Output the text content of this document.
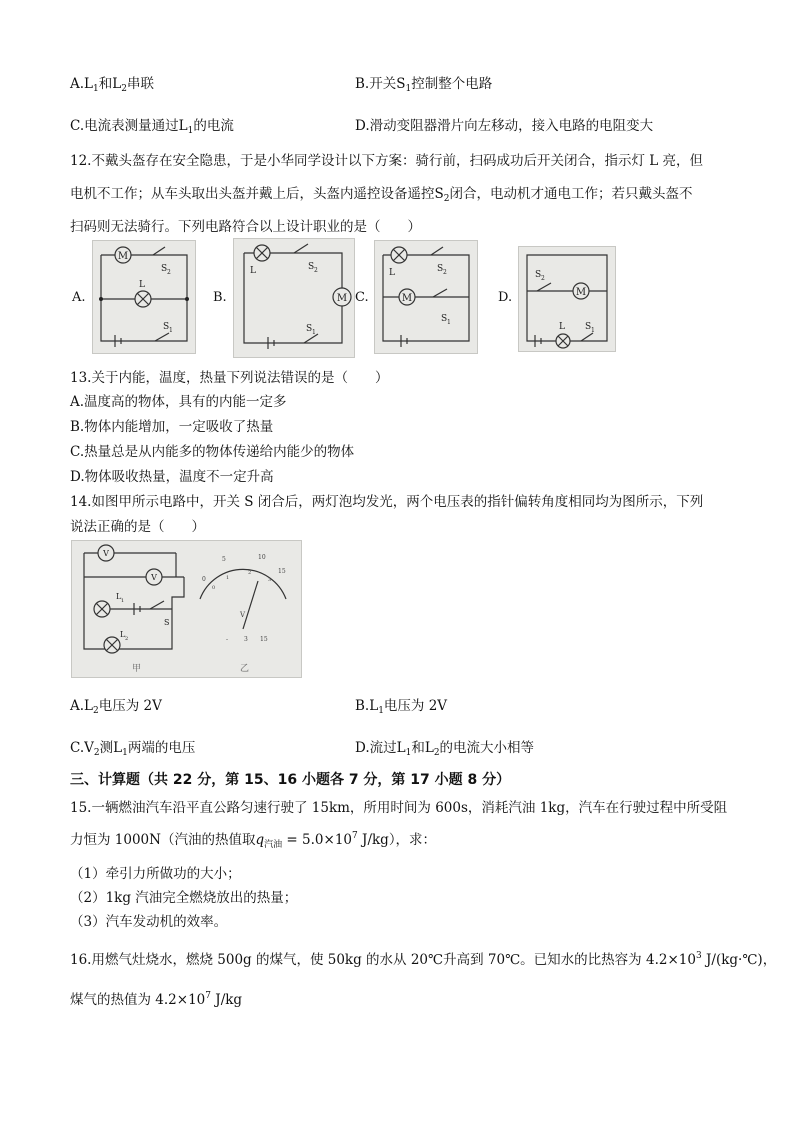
$A.L_1$和$L_2$串联	B.开关$S_1$控制整个电路
C.电流表测量通过$L_1$的电流	D.滑动变阻器滑片向左移动，接入电路的电阻变大
12.不戴头盔存在安全隐患，于是小华同学设计以下方案：骑行前，扫码成功后开关闭合，指示灯 L 亮，但
电机不工作；从车头取出头盔并戴上后，头盔内遥控设备遥控$S_2$闭合，电动机才通电工作；若只戴头盔不
扫码则无法骑行。下列电路符合以上设计职业的是（　　）
A.
M
L
S 2
S 1
B.
L	S 2
M
S 1
C.
L	S 2
M
S 1
D.
S 2
M
L S 1
13.关于内能，温度，热量下列说法错误的是（　　）
A.温度高的物体，具有的内能一定多
B.物体内能增加，一定吸收了热量
C.热量总是从内能多的物体传递给内能少的物体
D.物体吸收热量，温度不一定升高
14.如图甲所示电路中，开关 S 闭合后，两灯泡均发光，两个电压表的指针偏转角度相同均为图所示，下列
说法正确的是（　　）
V
V
L 1
S
L 2
5	10
15
0
0
1
2
3
V
-	3 15
甲	乙
$A.L_2$电压为 2V	$B.L_1$电压为 2V
$C.V_2$测$L_1$两端的电压	D.流过$L_1$和$L_2$的电流大小相等
三、计算题（共 22 分，第 15、16 小题各 7 分，第 17 小题 8 分）
15.一辆燃油汽车沿平直公路匀速行驶了 15km，所用时间为 600s，消耗汽油 1kg，汽车在行驶过程中所受阻
力恒为 1000N（汽油的热值取$q_{汽油} = 5.0\times 10^7$ J/kg），求：
（1）牵引力所做功的大小；
（2）1kg 汽油完全燃烧放出的热量；
（3）汽车发动机的效率。
16.用燃气灶烧水，燃烧 500g 的煤气，使 50kg 的水从 20℃升高到 70℃。已知水的比热容为 $4.2\times 10^3$ J/(kg·℃)，
煤气的热值为 $4.2\times 10^7$ J/kg
